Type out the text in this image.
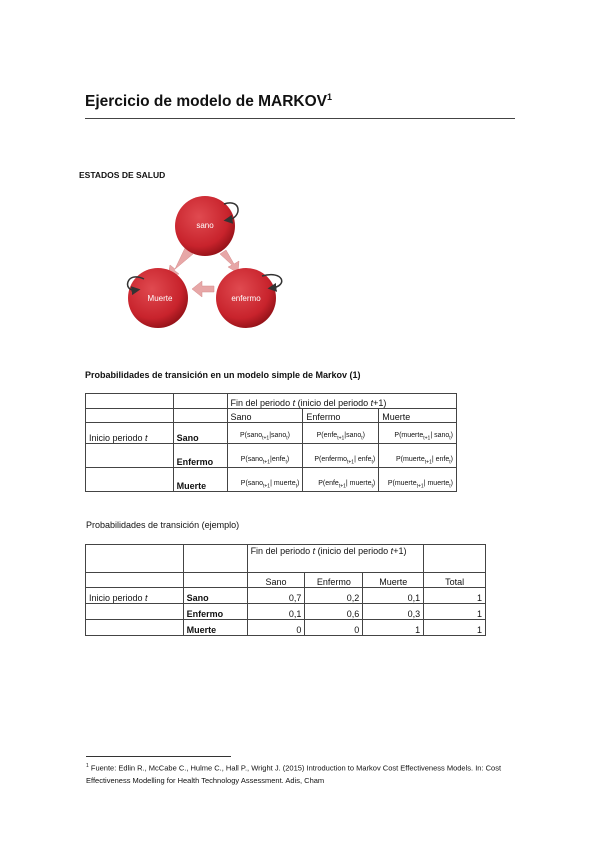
Ejercicio de modelo de MARKOV$^1$
ESTADOS DE SALUD
sano
Muerte	enfermo
Probabilidades de transición en un modelo simple de Markov (1)
		Fin del periodo t (inicio del periodo t+1)		
		Sano	Enfermo	Muerte
Inicio periodo t	Sano	P(sano$_{t+1}$|sano$_t$)	P(enfe$_{t+1}$|sano$_t$)	P(muerte$_{t+1}$| sano$_t$)
	Enfermo	P(sano$_{t+1}$|enfe$_t$)	P(enfermo$_{t+1}$| enfe$_t$)	P(muerte$_{t+1}$| enfe$_t$)
	Muerte	P(sano$_{t+1}$| muerte$_t$)	P(enfe$_{t+1}$| muerte$_t$)	P(muerte$_{t+1}$| muerte$_t$)
Probabilidades de transición (ejemplo)
		Fin del periodo t (inicio del periodo t+1)			
		Sano	Enfermo	Muerte	Total
Inicio periodo t	Sano	0,7	0,2	0,1	1
	Enfermo	0,1	0,6	0,3	1
	Muerte	0	0	1	1
$^1$ Fuente: Edlin R., McCabe C., Hulme C., Hall P., Wright J. (2015) Introduction to Markov Cost Effectiveness Models. In: Cost Effectiveness Modelling for Health Technology Assessment. Adis, Cham
